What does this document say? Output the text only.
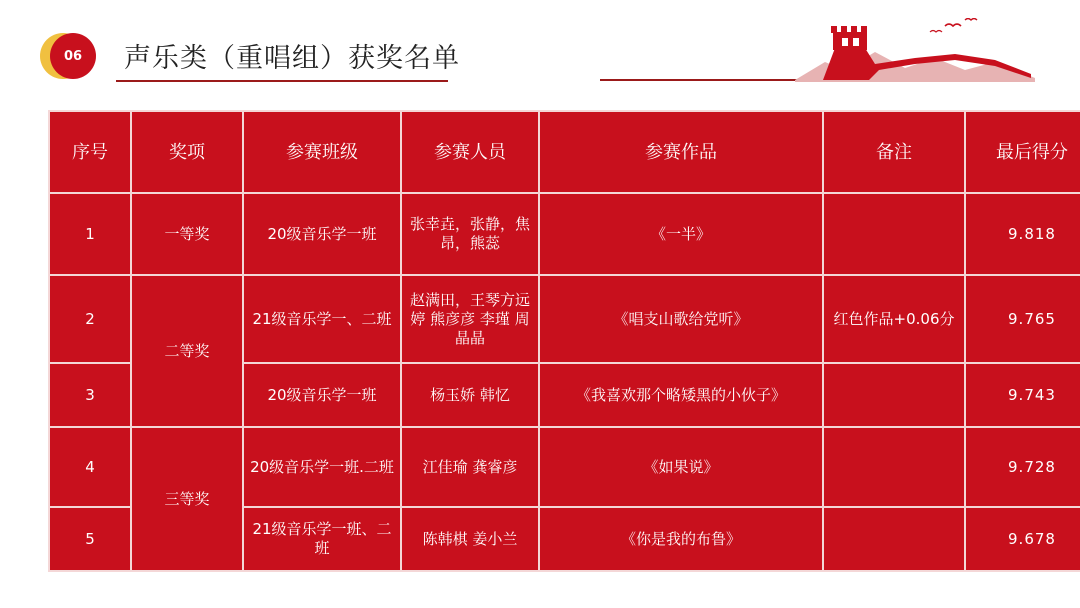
06	声乐类（重唱组）获奖名单
序号	奖项	参赛班级	参赛人员	参赛作品	备注	最后得分
1	一等奖	20级音乐学一班	张幸垚，张静，焦昂，熊蕊	《一半》		9.818
2	二等奖	21级音乐学一、二班	赵满田，王琴方远婷 熊彦彦 李瑾 周晶晶	《唱支山歌给党听》	红色作品+0.06分	9.765
3		20级音乐学一班	杨玉娇 韩忆	《我喜欢那个略矮黑的小伙子》		9.743
4	三等奖	20级音乐学一班.二班	江佳瑜 龚睿彦	《如果说》		9.728
5		21级音乐学一班、二班	陈韩棋 姜小兰	《你是我的布鲁》		9.678
